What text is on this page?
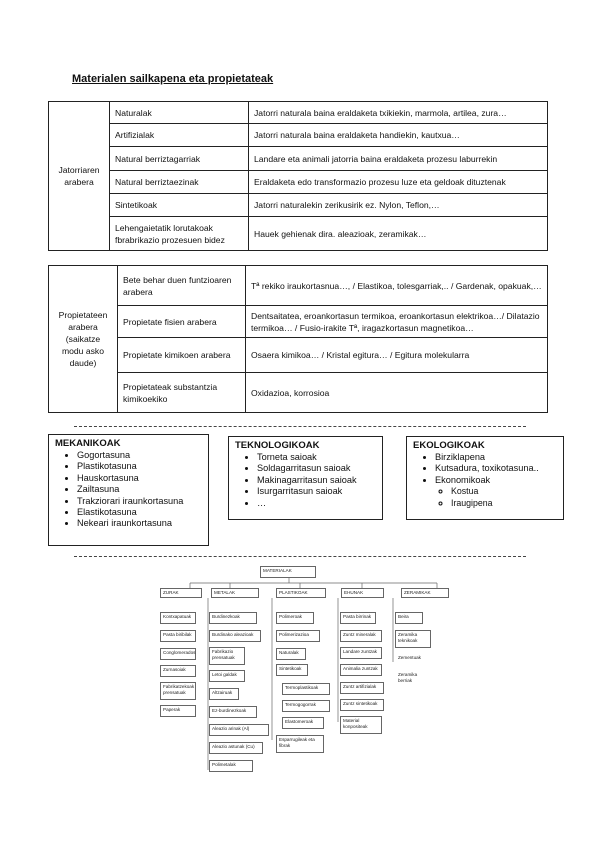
Materialen sailkapena eta propietateak
Jatorriaren arabera	Naturalak	Jatorri naturala baina eraldaketa txikiekin, marmola, artilea, zura…
	Artifizialak	Jatorri naturala baina eraldaketa handiekin, kautxua…
	Natural berriztagarriak	Landare eta animali jatorria baina eraldaketa prozesu laburrekin
	Natural berriztaezinak	Eraldaketa edo transformazio prozesu luze eta geldoak dituztenak
	Sintetikoak	Jatorri naturalekin zerikusirik ez. Nylon, Teflon,…
	Lehengaietatik lorutakoak fbrabrikazio prozesuen bidez	Hauek gehienak dira. aleazioak, zeramikak…
Propietateen arabera (saikatze modu asko daude)	Bete behar duen funtzioaren arabera	Tª rekiko iraukortasnua…, / Elastikoa, tolesgarriak,.. / Gardenak, opakuak,…
	Propietate fisien arabera	Dentsaitatea, eroankortasun termikoa, eroankortasun elektrikoa…/ Dilatazio termikoa… / Fusio-irakite Tª, iragazkortasun magnetikoa…
	Propietate kimikoen arabera	Osaera kimikoa… / Kristal egitura… / Egitura molekularra
	Propietateak substantzia kimikoekiko	Oxidazioa, korrosioa
MEKANIKOAK
• Gogortasuna
• Plastikotasuna
• Hauskortasuna
• Zailtasuna
• Trakziorari iraunkortasuna
• Elastikotasuna
• Nekeari iraunkortasuna
TEKNOLOGIKOAK
• Torneta saioak
• Soldagarritasun saioak
• Makinagarritasun saioak
• Isurgarritasun saioak
• …
EKOLOGIKOAK
• Birziklapena
• Kutsadura, toxikotasuna..
• Ekonomikoak
◦ Kostua
◦ Iraugipena
MATERIALAK
ZURAK	METALAK	PLASTIKOAK	EHUNAK	ZERAMIKAK
Kontxapatuak
Pasta biribilak
Conglomerados
Zurnasoiak
Fabrikatzekoak prensatuak
Paperak
Burdinezkoak
Burdinako aleazioak
Fabrikazio prensatuak
Letoi galdak
Altzairuak
Ez-burdinezkoak
Aleazio arinak (Al)
Aleazio astunak (Cu)
Polimetalak
Polimeroak
Polimerizazioa
Naturalak
Sintetikoak
Termoplastikoak
Termogogorrak
Elastomeroak
Esparrugileak eta fibrak
Pasta birrinak
Zuntz mineralak
Landare zuntzak
Animalia zuntzak
Zuntz artifizialak
Zuntz sintetikoak
Material konpositeak
Beira
Zeramika teknikoak
Zementuak
Zeramika berriak
